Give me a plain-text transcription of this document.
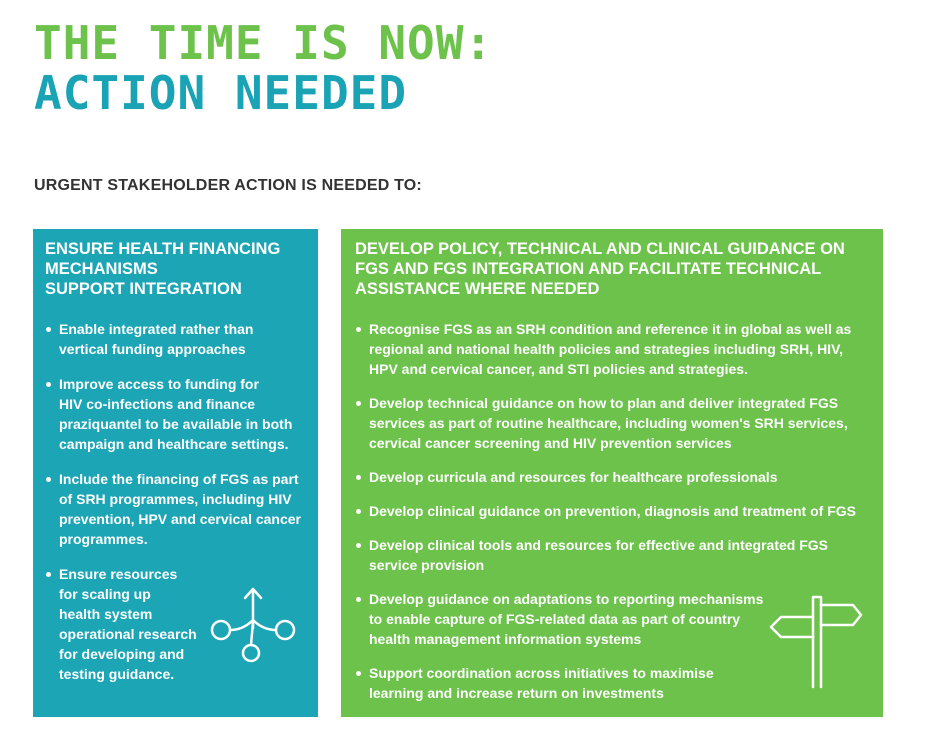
THE TIME IS NOW:
ACTION NEEDED
URGENT STAKEHOLDER ACTION IS NEEDED TO:
ENSURE HEALTH FINANCING
MECHANISMS
SUPPORT INTEGRATION
Enable integrated rather than
vertical funding approaches
Improve access to funding for
HIV co-infections and finance
praziquantel to be available in both
campaign and healthcare settings.
Include the financing of FGS as part
of SRH programmes, including HIV
prevention, HPV and cervical cancer
programmes.
Ensure resources
for scaling up
health system
operational research
for developing and
testing guidance.
DEVELOP POLICY, TECHNICAL AND CLINICAL GUIDANCE ON
FGS AND FGS INTEGRATION AND FACILITATE TECHNICAL
ASSISTANCE WHERE NEEDED
Recognise FGS as an SRH condition and reference it in global as well as
regional and national health policies and strategies including SRH, HIV,
HPV and cervical cancer, and STI policies and strategies.
Develop technical guidance on how to plan and deliver integrated FGS
services as part of routine healthcare, including women's SRH services,
cervical cancer screening and HIV prevention services
Develop curricula and resources for healthcare professionals
Develop clinical guidance on prevention, diagnosis and treatment of FGS
Develop clinical tools and resources for effective and integrated FGS
service provision
Develop guidance on adaptations to reporting mechanisms
to enable capture of FGS-related data as part of country
health management information systems
Support coordination across initiatives to maximise
learning and increase return on investments
